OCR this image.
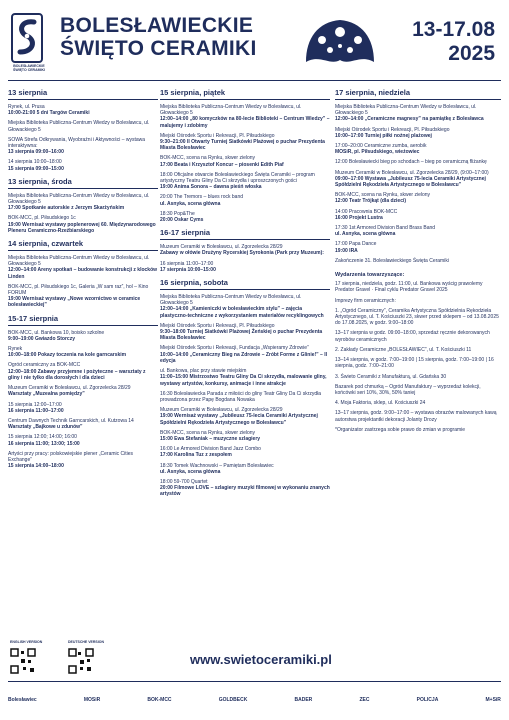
BOLESŁAWIECKIE ŚWIĘTO CERAMIKI
BOLESŁAWIECKIE
ŚWIĘTO CERAMIKI
13-17.08
2025
13 sierpnia
Rynek, ul. Prusa
10:00-21:00 5 dni Targów Ceramiki
Miejska Biblioteka Publiczna-Centrum Wiedzy w Bolesławcu, ul. Głowackiego 5
SOWA Strefa Odkrywania, Wyobraźni i Aktywności – wystawa interaktywna:
13 sierpnia 09:00–16:00
14 sierpnia 10:00–18:00
15 sierpnia 09:00–15:00
13 sierpnia, środa
Miejska Biblioteka Publiczna-Centrum Wiedzy w Bolesławcu, ul. Głowackiego 5
17:00 Spotkanie autorskie z Jerzym Skarżyńskim
BOK-MCC, pl. Piłsudskiego 1c
19:00 Wernisaż wystawy poplenerowej 60. Międzynarodowego Pleneru Ceramiczno-Rzeźbiarskiego
14 sierpnia, czwartek
Miejska Biblioteka Publiczna-Centrum Wiedzy w Bolesławcu, ul. Głowackiego 5
12:00–14:00 Areny spotkań – budowanie konstrukcji z klocków Linden
BOK-MCC, pl. Piłsudskiego 1c, Galeria „W sam raz”, hol – Kino FORUM
19:00 Wernisaż wystawy „Nowe wzornictwo w ceramice bolesławieckiej”
15-17 sierpnia
BOK-MCC, ul. Bankowa 10, boisko szkolne
9:00–19:00 Gwiazdo Storczy
Rynek
10:00–18:00 Pokazy toczenia na kole garncarskim
Ogród ceramiczny za BOK-MCC
12:00–18:00 Zabawy przyjemne i pożyteczne – warsztaty z gliny i nie tylko dla dorosłych i dla dzieci
Muzeum Ceramiki w Bolesławcu, ul. Zgorzelecka 28/29
Warsztaty „Muzealna pomiędzy”
15 sierpnia 12:00–17:00
16 sierpnia 11:00–17:00
Centrum Dawnych Technik Garncarskich, ul. Kutzowa 14
Warsztaty „Bajkowe u zdunów”
15 sierpnia 12:00; 14:00; 16:00
16 sierpnia 11:00; 13:00; 15:00
Artyści przy pracy: polskowiejskie plener „Ceramic Cities Exchange”
15 sierpnia 14:00–18:00
15 sierpnia, piątek
Miejska Biblioteka Publiczna-Centrum Wiedzy w Bolesławcu, ul. Głowackiego 5
12:00–14:00 „80 komyczków na 80-lecie Biblioteki – Centrum Wiedzy” – malujemy i zdobimy
Miejski Ośrodek Sportu i Rekreacji, Pl. Piłsudskiego
9:30–21:00 II Otwarty Turniej Siatkówki Plażowej o puchar Prezydenta Miasta Bolesławiec
BOK-MCC, scena na Rynku, skwer zielony
17:00 Beata i Krzysztof Koncur – piosenki Edith Piaf
18:00 Oficjalne otwarcie Bolesławieckiego Święta Ceramiki – program artystyczny Teatru Gliny Da Ci skrzydła i uproszczonych gości
19:00 Anima Sonora – dawna pieśń włoska
20:00 The Tremors – blues rock band
ul. Asnyka, scena główna
18:30 Pop&The
20:00 Oskar Cyms
16-17 sierpnia
Muzeum Ceramiki w Bolesławcu, ul. Zgorzelecka 28/29
Zabawy w ołówie Drużyny Rycerskiej Syrokonia (Park przy Muzeum):
16 sierpnia 11:00–17:00
17 sierpnia 10:00–15:00
16 sierpnia, sobota
Miejska Biblioteka Publiczna-Centrum Wiedzy w Bolesławcu, ul. Głowackiego 5
12:00–14:00 „Kamieniczki w bolesławieckim stylu” – zajęcia plastyczno-techniczne z wykorzystaniem materiałów recyklingowych
Miejski Ośrodek Sportu i Rekreacji, Pl. Piłsudskiego
9:30–18:00 Turniej Siatkówki Plażowej Żeńskiej o puchar Prezydenta Miasta Bolesławiec
Miejski Ośrodek Sportu i Rekreacji, Fundacja „Wspieramy Zdrowie”
10:00–14:00 „Ceramiczny Bieg na Zdrowie – Zróbt Forme z Glinie!” – II edycja
ul. Bankowa, plac przy stawie miejskim
11:00–15:00 Mistrzostwo Teatru Gliny Da Ci skrzydła, malowanie gliny, wystawy artystów, konkursy, animacje i inne atrakcje
16:30 Bolesławiecka Parada z miłości do gliny Teatr Gliny Da Ci skrzydła prowadzona przez Papę Bogdana Nowaka
Muzeum Ceramiki w Bolesławcu, ul. Zgorzelecka 28/29
19:00 Wernisaż wystawy „Jubileusz 75-lecia Ceramiki Artystycznej Spółdzielni Rękodzieła Artystycznego w Bolesławcu”
BOK-MCC, scena na Rynku, skwer zielony
15:00 Ewa Stefaniak – muzyczne szlagiery
16:00 Le Armored Division Band Jazz Combo
17:00 Karolina Tuz z zespołem
18:30 Tomek Wachnowski – Pamiętam Bolesławiec
ul. Asnyka, scena główna
18:00 59-700 Quartet
20:00 Filmowe LOVE – szlagiery muzyki filmowej w wykonaniu znanych artystów
17 sierpnia, niedziela
Miejska Biblioteka Publiczna-Centrum Wiedzy w Bolesławcu, ul. Głowackiego 5
12:00–14:00 „Ceramiczne magnesy” na pamiątkę z Bolesławca
Miejski Ośrodek Sportu i Rekreacji, Pl. Piłsudskiego
10:00–17:00 Turniej piłki nożnej plażowej
17:00–20:00 Ceramiczne zumba, aerobik
MOSiR, pl. Piłsudskiego, wieżowiec
12:00 Bolesławiecki bieg po schodach – bieg po ceramiczną fliżankę
Muzeum Ceramiki w Bolesławcu, ul. Zgorzelecka 28/29, (9:00–17:00)
09:00–17:00 Wystawa „Jubileusz 75-lecia Ceramiki Artystycznej Spółdzielni Rękodzieła Artystycznego w Bolesławcu”
BOK-MCC, scena na Rynku, skwer zielony
12:00 Teatr Trójkąt (dla dzieci)
14:00 Pracownia BOK-MCC
16:00 Projekt Lustra
17:30 1st Armored Division Band Brass Band
ul. Asnyka, scena główna
17:00 Papa Dance
19:00 IRA
Zakończenie 31. Bolesławieckiego Święta Ceramiki
Wydarzenia towarzyszące:
17 sierpnia, niedziela, godz. 11:00, ul. Bankowa wyścig prawolemy Predator Gravel · Finał cyklu Predator Gravel 2025
Imprezy firm ceramicznych:
1. „Ogród Ceramiczny”, Ceramika Artystyczna Spółdzielnia Rękodzieła Artystycznego, ul. T. Kościuszki 23, skwer przed sklepem – od 13.08.2025 do 17.08.2025, w godz. 9:00–18:00
13–17 sierpnia w godz. 09:00–18:00, sprzedaż ręcznie dekorowanych wyrobów ceramicznych
2. Zakłady Ceramiczne „BOLESŁAWIEC”, ul. T. Kościuszki 11
13–14 sierpnia, w godz. 7:00–19:00 | 15 sierpnia, godz. 7:00–19:00 | 16 sierpnia, godz. 7:00–21:00
3. Świeto Ceramiki z Manufakturą, ul. Gdańska 30
Bazarek pod chmurką – Ogród Manufaktury – wyprzedaż kolekcji, końcówki seri 10%, 30%, 50% taniej
4. Moja Faktoria, sklep, ul. Kościuszki 24
13–17 sierpnia, godz. 9:00–17:00 – wystawa obrazów malowanych kawą autorstwa projektantki dekoracji Jolanty Drozy
*Organizator zastrzega sobie prawo do zmian w programie
ENGLISH VERSION	DEUTSCHE VERSION
www.swietoceramiki.pl
Bolesławiec	MOSiR	BOK-MCC	GOLDBECK	BADER	ZEC	POLICJA	M+SiR
